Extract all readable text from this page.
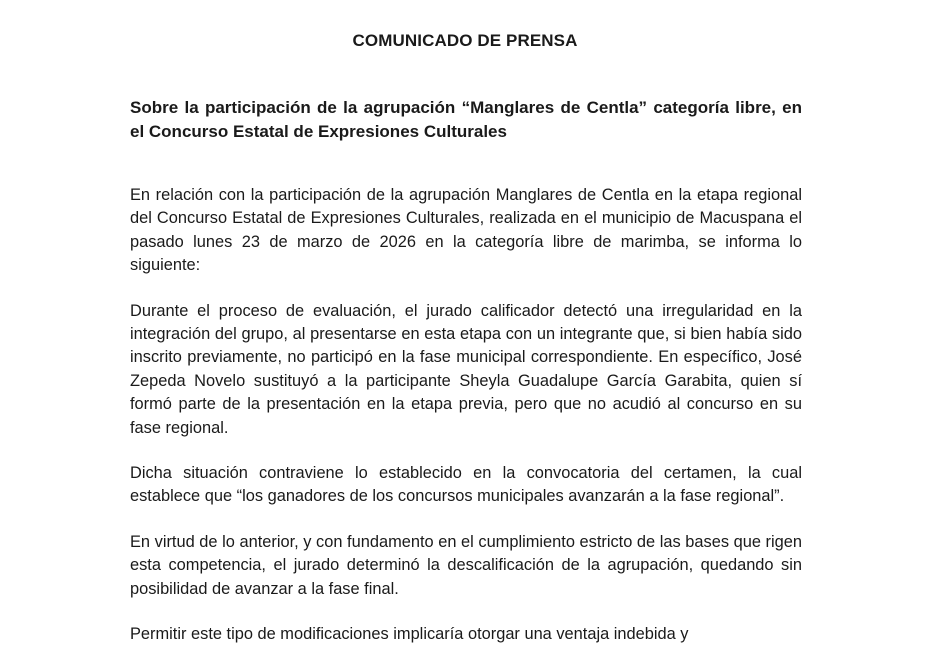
COMUNICADO DE PRENSA
Sobre la participación de la agrupación “Manglares de Centla” categoría libre, en el Concurso Estatal de Expresiones Culturales

En relación con la participación de la agrupación Manglares de Centla en la etapa regional del Concurso Estatal de Expresiones Culturales, realizada en el municipio de Macuspana el pasado lunes 23 de marzo de 2026 en la categoría libre de marimba, se informa lo siguiente:

Durante el proceso de evaluación, el jurado calificador detectó una irregularidad en la integración del grupo, al presentarse en esta etapa con un integrante que, si bien había sido inscrito previamente, no participó en la fase municipal correspondiente. En específico, José Zepeda Novelo sustituyó a la participante Sheyla Guadalupe García Garabita, quien sí formó parte de la presentación en la etapa previa, pero que no acudió al concurso en su fase regional.

Dicha situación contraviene lo establecido en la convocatoria del certamen, la cual establece que “los ganadores de los concursos municipales avanzarán a la fase regional”.

En virtud de lo anterior, y con fundamento en el cumplimiento estricto de las bases que rigen esta competencia, el jurado determinó la descalificación de la agrupación, quedando sin posibilidad de avanzar a la fase final.

Permitir este tipo de modificaciones implicaría otorgar una ventaja indebida y
